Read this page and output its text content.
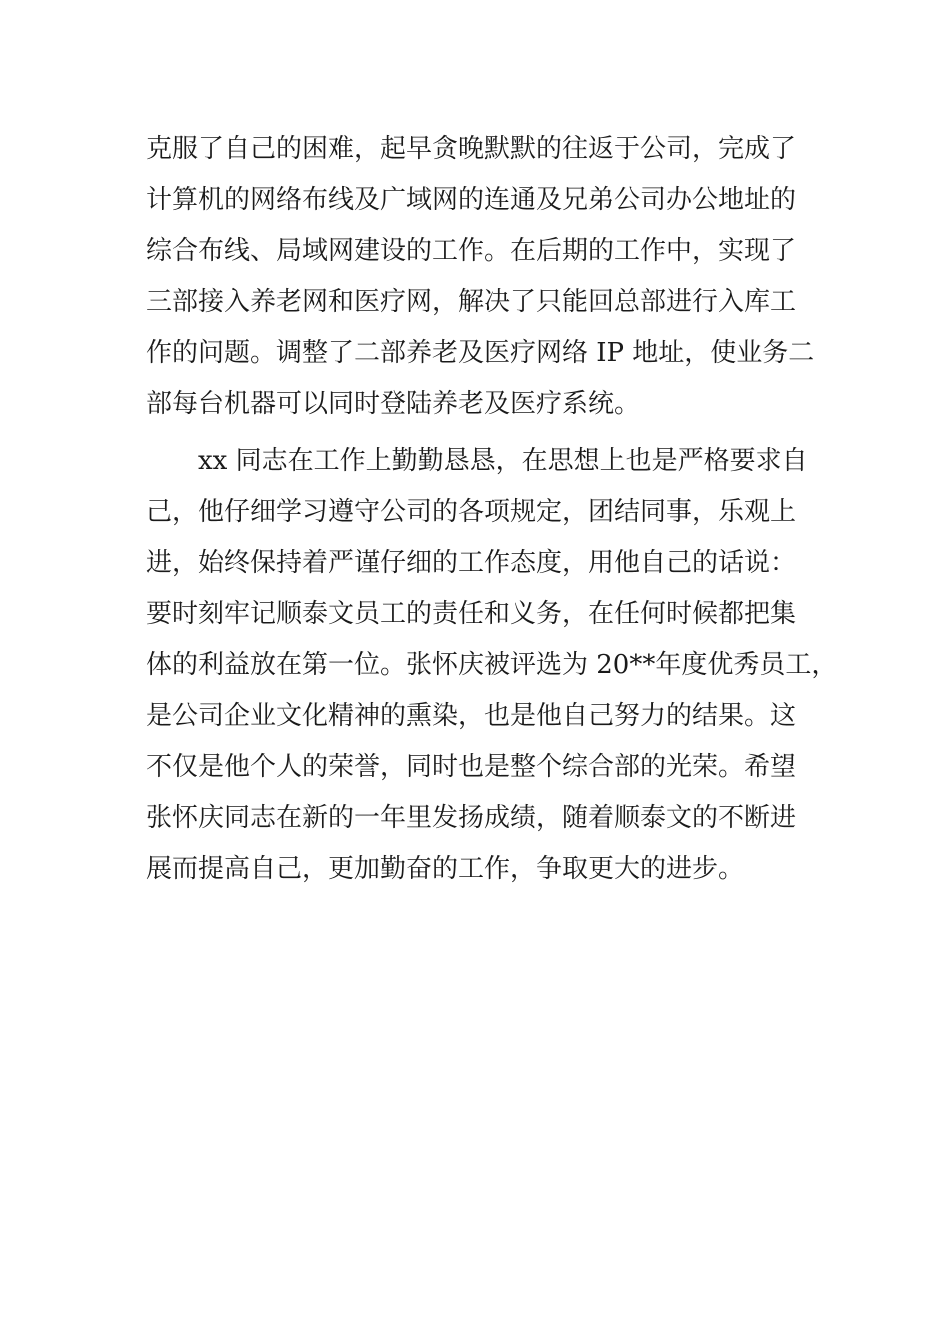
克服了自己的困难，起早贪晚默默的往返于公司，完成了
计算机的网络布线及广域网的连通及兄弟公司办公地址的
综合布线、局域网建设的工作。在后期的工作中，实现了
三部接入养老网和医疗网，解决了只能回总部进行入库工
作的问题。调整了二部养老及医疗网络 IP 地址，使业务二
部每台机器可以同时登陆养老及医疗系统。
xx 同志在工作上勤勤恳恳，在思想上也是严格要求自
己，他仔细学习遵守公司的各项规定，团结同事，乐观上
进，始终保持着严谨仔细的工作态度，用他自己的话说：
要时刻牢记顺泰文员工的责任和义务，在任何时候都把集
体的利益放在第一位。张怀庆被评选为 20**年度优秀员工，
是公司企业文化精神的熏染，也是他自己努力的结果。这
不仅是他个人的荣誉，同时也是整个综合部的光荣。希望
张怀庆同志在新的一年里发扬成绩，随着顺泰文的不断进
展而提高自己，更加勤奋的工作，争取更大的进步。
